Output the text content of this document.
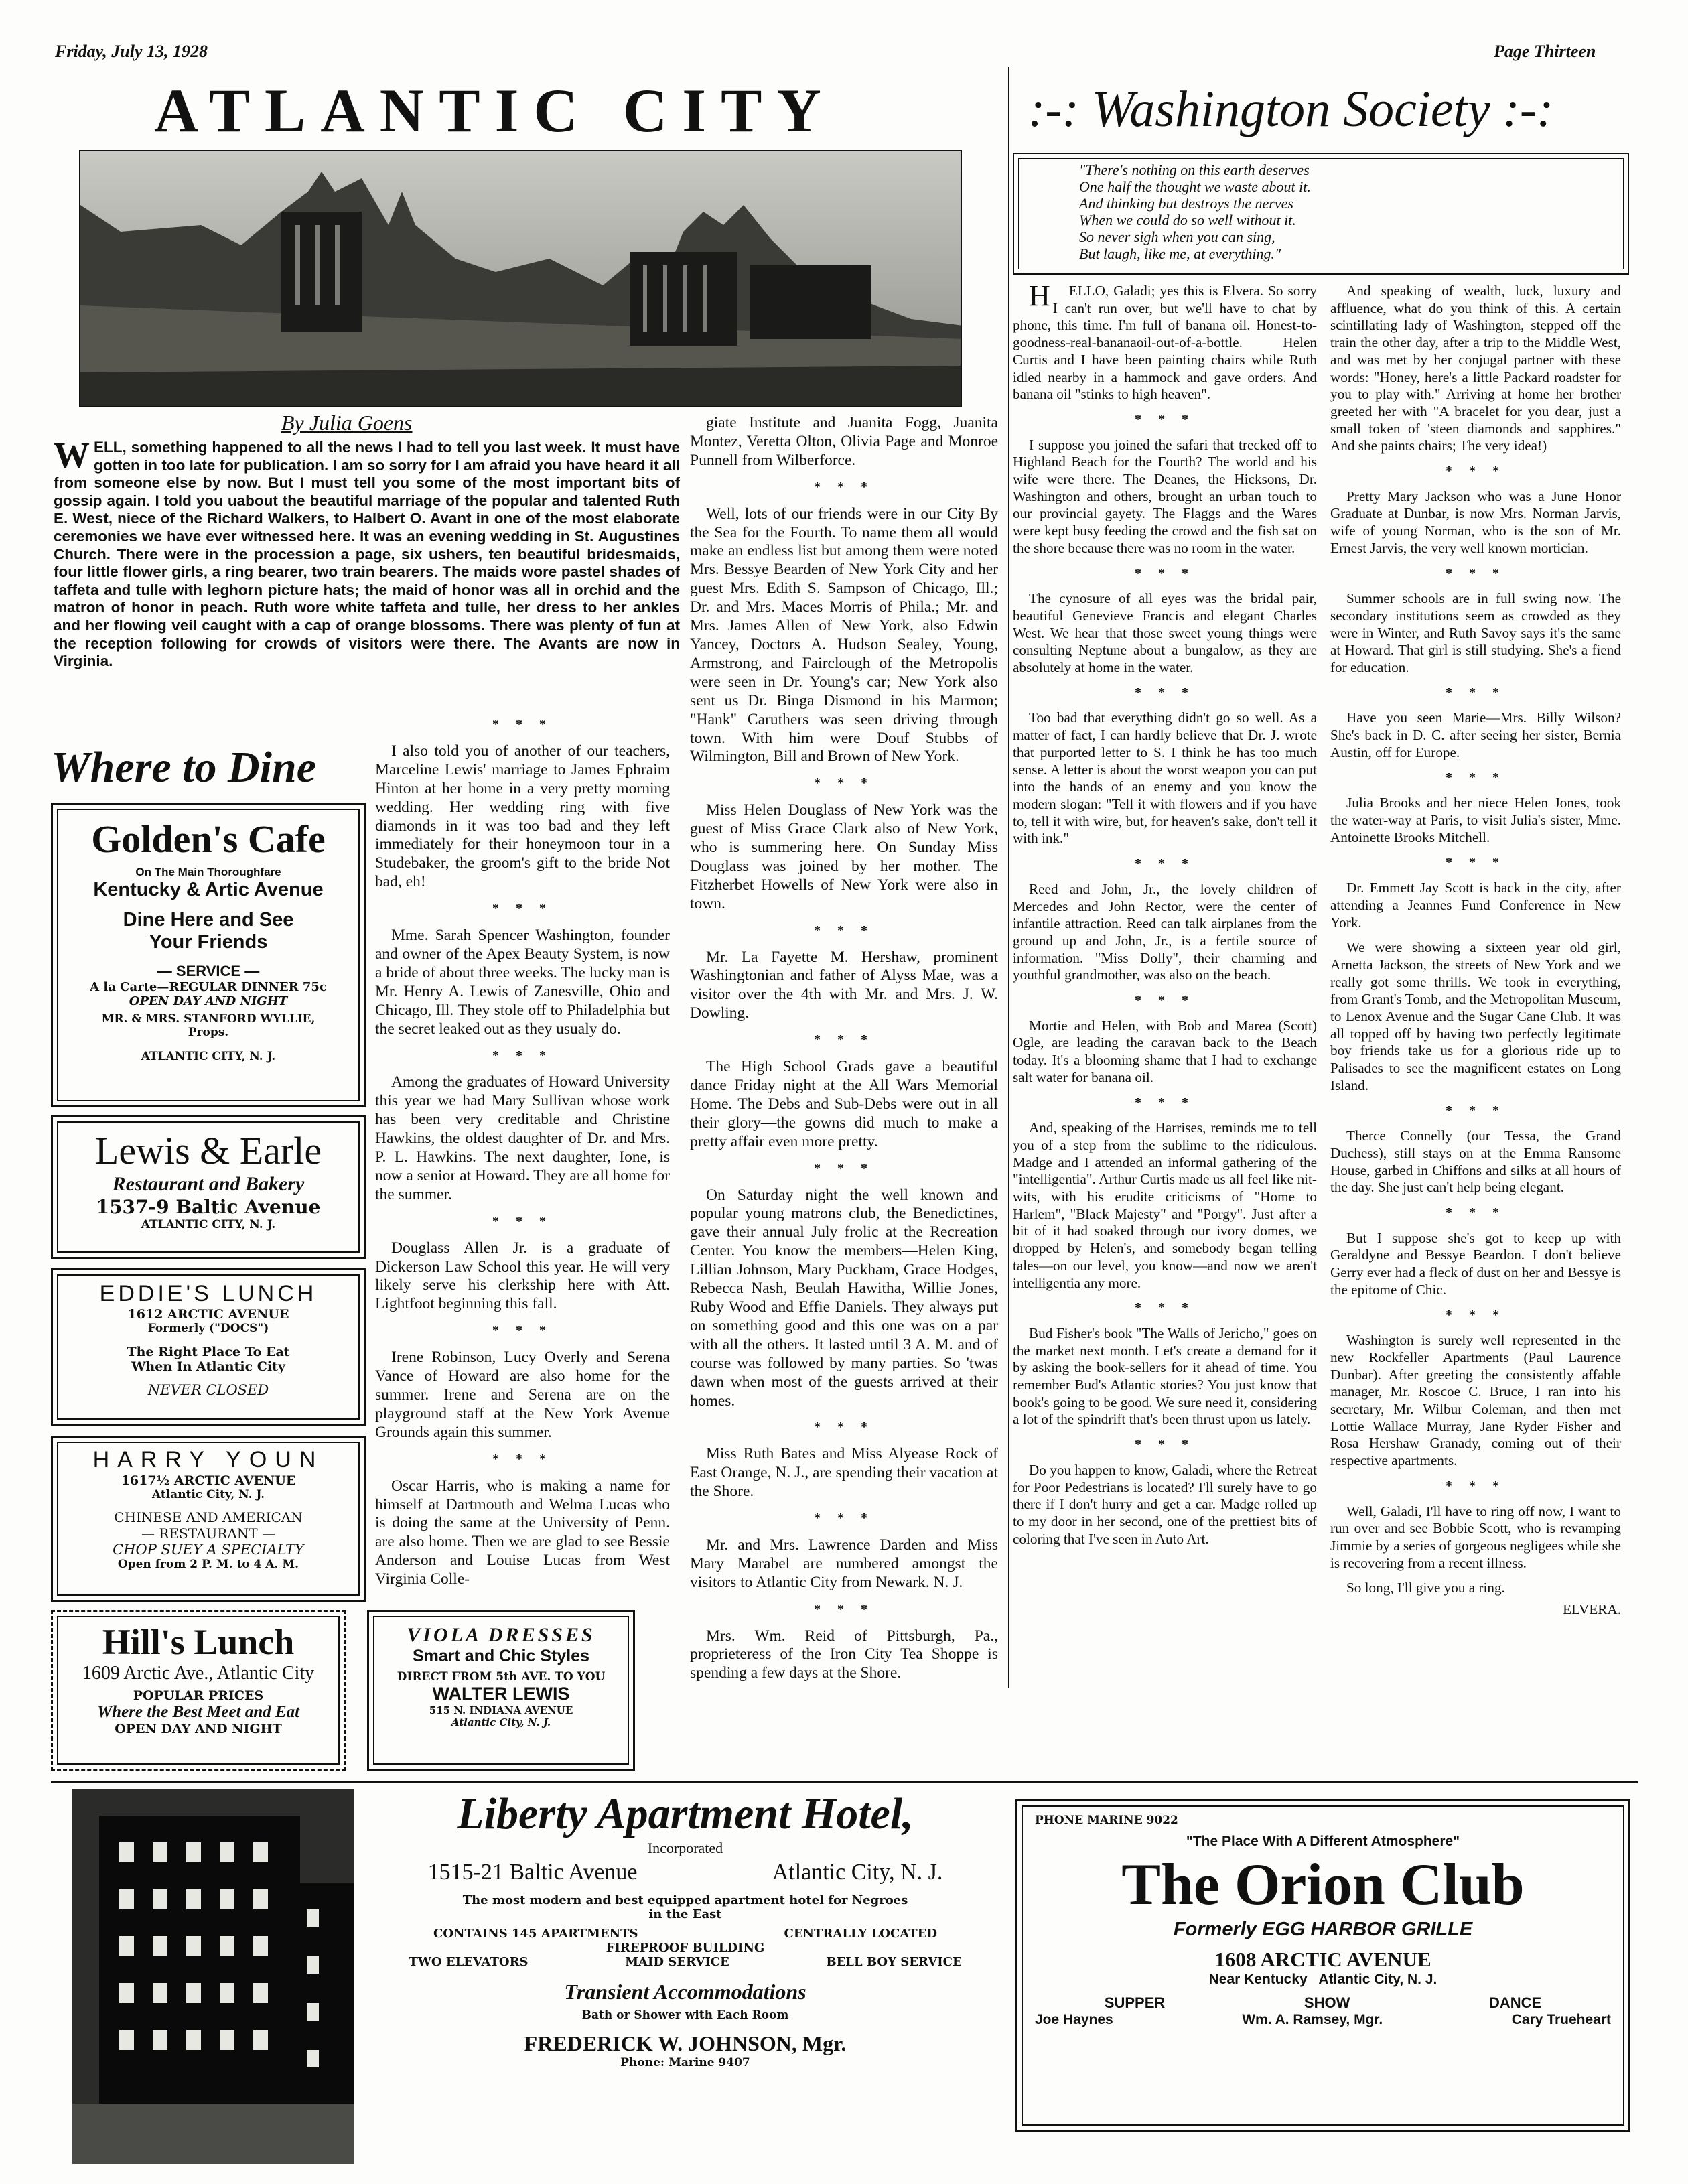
Friday, July 13, 1928	Page Thirteen
ATLANTIC CITY
By Julia Goens
W ELL, something happened to all the news I had to tell you last week. It must have gotten in too late for publication. I am so sorry for I am afraid you have heard it all from someone else by now. But I must tell you some of the most important bits of gossip again. I told you uabout the beautiful marriage of the popular and talented Ruth E. West, niece of the Richard Walkers, to Halbert O. Avant in one of the most elaborate ceremonies we have ever witnessed here. It was an evening wedding in St. Augustines Church. There were in the procession a page, six ushers, ten beautiful bridesmaids, four little flower girls, a ring bearer, two train bearers. The maids wore pastel shades of taffeta and tulle with leghorn picture hats; the maid of honor was all in orchid and the matron of honor in peach. Ruth wore white taffeta and tulle, her dress to her ankles and her flowing veil caught with a cap of orange blossoms. There was plenty of fun at the reception following for crowds of visitors were there. The Avants are now in Virginia.

* * *

I also told you of another of our teachers, Marceline Lewis' marriage to James Ephraim Hinton at her home in a very pretty morning wedding. Her wedding ring with five diamonds in it was too bad and they left immediately for their honeymoon tour in a Studebaker, the groom's gift to the bride Not bad, eh!

* * *

Mme. Sarah Spencer Washington, founder and owner of the Apex Beauty System, is now a bride of about three weeks. The lucky man is Mr. Henry A. Lewis of Zanesville, Ohio and Chicago, Ill. They stole off to Philadelphia but the secret leaked out as they usualy do.

* * *

Among the graduates of Howard University this year we had Mary Sullivan whose work has been very creditable and Christine Hawkins, the oldest daughter of Dr. and Mrs. P. L. Hawkins. The next daughter, Ione, is now a senior at Howard. They are all home for the summer.

* * *

Douglass Allen Jr. is a graduate of Dickerson Law School this year. He will very likely serve his clerkship here with Att. Lightfoot beginning this fall.

* * *

Irene Robinson, Lucy Overly and Serena Vance of Howard are also home for the summer. Irene and Serena are on the playground staff at the New York Avenue Grounds again this summer.

* * *

Oscar Harris, who is making a name for himself at Dartmouth and Welma Lucas who is doing the same at the University of Penn. are also home. Then we are glad to see Bessie Anderson and Louise Lucas from West Virginia Colle-

giate Institute and Juanita Fogg, Juanita Montez, Veretta Olton, Olivia Page and Monroe Punnell from Wilberforce.

* * *

Well, lots of our friends were in our City By the Sea for the Fourth. To name them all would make an endless list but among them were noted Mrs. Bessye Bearden of New York City and her guest Mrs. Edith S. Sampson of Chicago, Ill.; Dr. and Mrs. Maces Morris of Phila.; Mr. and Mrs. James Allen of New York, also Edwin Yancey, Doctors A. Hudson Sealey, Young, Armstrong, and Fairclough of the Metropolis were seen in Dr. Young's car; New York also sent us Dr. Binga Dismond in his Marmon; "Hank" Caruthers was seen driving through town. With him were Douf Stubbs of Wilmington, Bill and Brown of New York.

* * *

Miss Helen Douglass of New York was the guest of Miss Grace Clark also of New York, who is summering here. On Sunday Miss Douglass was joined by her mother. The Fitzherbet Howells of New York were also in town.

* * *

Mr. La Fayette M. Hershaw, prominent Washingtonian and father of Alyss Mae, was a visitor over the 4th with Mr. and Mrs. J. W. Dowling.

* * *

The High School Grads gave a beautiful dance Friday night at the All Wars Memorial Home. The Debs and Sub-Debs were out in all their glory—the gowns did much to make a pretty affair even more pretty.

* * *

On Saturday night the well known and popular young matrons club, the Benedictines, gave their annual July frolic at the Recreation Center. You know the members—Helen King, Lillian Johnson, Mary Puckham, Grace Hodges, Rebecca Nash, Beulah Hawitha, Willie Jones, Ruby Wood and Effie Daniels. They always put on something good and this one was on a par with all the others. It lasted until 3 A. M. and of course was followed by many parties. So 'twas dawn when most of the guests arrived at their homes.

* * *

Miss Ruth Bates and Miss Alyease Rock of East Orange, N. J., are spending their vacation at the Shore.

* * *

Mr. and Mrs. Lawrence Darden and Miss Mary Marabel are numbered amongst the visitors to Atlantic City from Newark. N. J.

* * *

Mrs. Wm. Reid of Pittsburgh, Pa., proprieteress of the Iron City Tea Shoppe is spending a few days at the Shore.

Where to Dine
Golden's Cafe
On The Main Thoroughfare
Kentucky & Artic Avenue
Dine Here and See
Your Friends
— SERVICE —
A la Carte—REGULAR DINNER 75c
OPEN DAY AND NIGHT
MR. & MRS. STANFORD WYLLIE,
Props.
ATLANTIC CITY, N. J.
Lewis & Earle
Restaurant and Bakery
1537-9 Baltic Avenue
ATLANTIC CITY, N. J.
EDDIE'S LUNCH
1612 ARCTIC AVENUE
Formerly ("DOCS")
The Right Place To Eat
When In Atlantic City
NEVER CLOSED
HARRY YOUN
1617½ ARCTIC AVENUE
Atlantic City, N. J.
CHINESE AND AMERICAN
— RESTAURANT —
CHOP SUEY A SPECIALTY
Open from 2 P. M. to 4 A. M.
Hill's Lunch
1609 Arctic Ave., Atlantic City
POPULAR PRICES
Where the Best Meet and Eat
OPEN DAY AND NIGHT
VIOLA DRESSES
Smart and Chic Styles
DIRECT FROM 5th AVE. TO YOU
WALTER LEWIS
515 N. INDIANA AVENUE
Atlantic City, N. J.
:-: Washington Society :-:
"There's nothing on this earth deserves
One half the thought we waste about it.
And thinking but destroys the nerves
When we could do so well without it.
So never sigh when you can sing,
But laugh, like me, at everything."

H ELLO, Galadi; yes this is Elvera. So sorry I can't run over, but we'll have to chat by phone, this time. I'm full of banana oil. Honest-to-goodness-real-bananaoil-out-of-a-bottle. Helen Curtis and I have been painting chairs while Ruth idled nearby in a hammock and gave orders. And banana oil "stinks to high heaven".

* * *

I suppose you joined the safari that trecked off to Highland Beach for the Fourth? The world and his wife were there. The Deanes, the Hicksons, Dr. Washington and others, brought an urban touch to our provincial gayety. The Flaggs and the Wares were kept busy feeding the crowd and the fish sat on the shore because there was no room in the water.

* * *

The cynosure of all eyes was the bridal pair, beautiful Genevieve Francis and elegant Charles West. We hear that those sweet young things were consulting Neptune about a bungalow, as they are absolutely at home in the water.

* * *

Too bad that everything didn't go so well. As a matter of fact, I can hardly believe that Dr. J. wrote that purported letter to S. I think he has too much sense. A letter is about the worst weapon you can put into the hands of an enemy and you know the modern slogan: "Tell it with flowers and if you have to, tell it with wire, but, for heaven's sake, don't tell it with ink."

* * *

Reed and John, Jr., the lovely children of Mercedes and John Rector, were the center of infantile attraction. Reed can talk airplanes from the ground up and John, Jr., is a fertile source of information. "Miss Dolly", their charming and youthful grandmother, was also on the beach.

* * *

Mortie and Helen, with Bob and Marea (Scott) Ogle, are leading the caravan back to the Beach today. It's a blooming shame that I had to exchange salt water for banana oil.

* * *

And, speaking of the Harrises, reminds me to tell you of a step from the sublime to the ridiculous. Madge and I attended an informal gathering of the "intelligentia". Arthur Curtis made us all feel like nit-wits, with his erudite criticisms of "Home to Harlem", "Black Majesty" and "Porgy". Just after a bit of it had soaked through our ivory domes, we dropped by Helen's, and somebody began telling tales—on our level, you know—and now we aren't intelligentia any more.

* * *

Bud Fisher's book "The Walls of Jericho," goes on the market next month. Let's create a demand for it by asking the book-sellers for it ahead of time. You remember Bud's Atlantic stories? You just know that book's going to be good. We sure need it, considering a lot of the spindrift that's been thrust upon us lately.

* * *

Do you happen to know, Galadi, where the Retreat for Poor Pedestrians is located? I'll surely have to go there if I don't hurry and get a car. Madge rolled up to my door in her second, one of the prettiest bits of coloring that I've seen in Auto Art.

And speaking of wealth, luck, luxury and affluence, what do you think of this. A certain scintillating lady of Washington, stepped off the train the other day, after a trip to the Middle West, and was met by her conjugal partner with these words: "Honey, here's a little Packard roadster for you to play with." Arriving at home her brother greeted her with "A bracelet for you dear, just a small token of 'steen diamonds and sapphires." And she paints chairs; The very idea!)

* * *

Pretty Mary Jackson who was a June Honor Graduate at Dunbar, is now Mrs. Norman Jarvis, wife of young Norman, who is the son of Mr. Ernest Jarvis, the very well known mortician.

* * *

Summer schools are in full swing now. The secondary institutions seem as crowded as they were in Winter, and Ruth Savoy says it's the same at Howard. That girl is still studying. She's a fiend for education.

* * *

Have you seen Marie—Mrs. Billy Wilson? She's back in D. C. after seeing her sister, Bernia Austin, off for Europe.

* * *

Julia Brooks and her niece Helen Jones, took the water-way at Paris, to visit Julia's sister, Mme. Antoinette Brooks Mitchell.

* * *

Dr. Emmett Jay Scott is back in the city, after attending a Jeannes Fund Conference in New York.

We were showing a sixteen year old girl, Arnetta Jackson, the streets of New York and we really got some thrills. We took in everything, from Grant's Tomb, and the Metropolitan Museum, to Lenox Avenue and the Sugar Cane Club. It was all topped off by having two perfectly legitimate boy friends take us for a glorious ride up to Palisades to see the magnificent estates on Long Island.

* * *

Therce Connelly (our Tessa, the Grand Duchess), still stays on at the Emma Ransome House, garbed in Chiffons and silks at all hours of the day. She just can't help being elegant.

* * *

But I suppose she's got to keep up with Geraldyne and Bessye Beardon. I don't believe Gerry ever had a fleck of dust on her and Bessye is the epitome of Chic.

* * *

Washington is surely well represented in the new Rockfeller Apartments (Paul Laurence Dunbar). After greeting the consistently affable manager, Mr. Roscoe C. Bruce, I ran into his secretary, Mr. Wilbur Coleman, and then met Lottie Wallace Murray, Jane Ryder Fisher and Rosa Hershaw Granady, coming out of their respective apartments.

* * *

Well, Galadi, I'll have to ring off now, I want to run over and see Bobbie Scott, who is revamping Jimmie by a series of gorgeous negligees while she is recovering from a recent illness.

So long, I'll give you a ring.

ELVERA.
Liberty Apartment Hotel,
Incorporated
1515-21 Baltic Avenue	Atlantic City, N. J.
The most modern and best equipped apartment hotel for Negroes
in the East
CONTAINS 145 APARTMENTS	CENTRALLY LOCATED
FIREPROOF BUILDING
TWO ELEVATORS	MAID SERVICE	BELL BOY SERVICE
Transient Accommodations
Bath or Shower with Each Room
FREDERICK W. JOHNSON, Mgr.
Phone: Marine 9407
PHONE MARINE 9022
"The Place With A Different Atmosphere"
The Orion Club
Formerly EGG HARBOR GRILLE
1608 ARCTIC AVENUE
Near Kentucky   Atlantic City, N. J.
SUPPER	SHOW	DANCE
Joe Haynes	Wm. A. Ramsey, Mgr.	Cary Trueheart
